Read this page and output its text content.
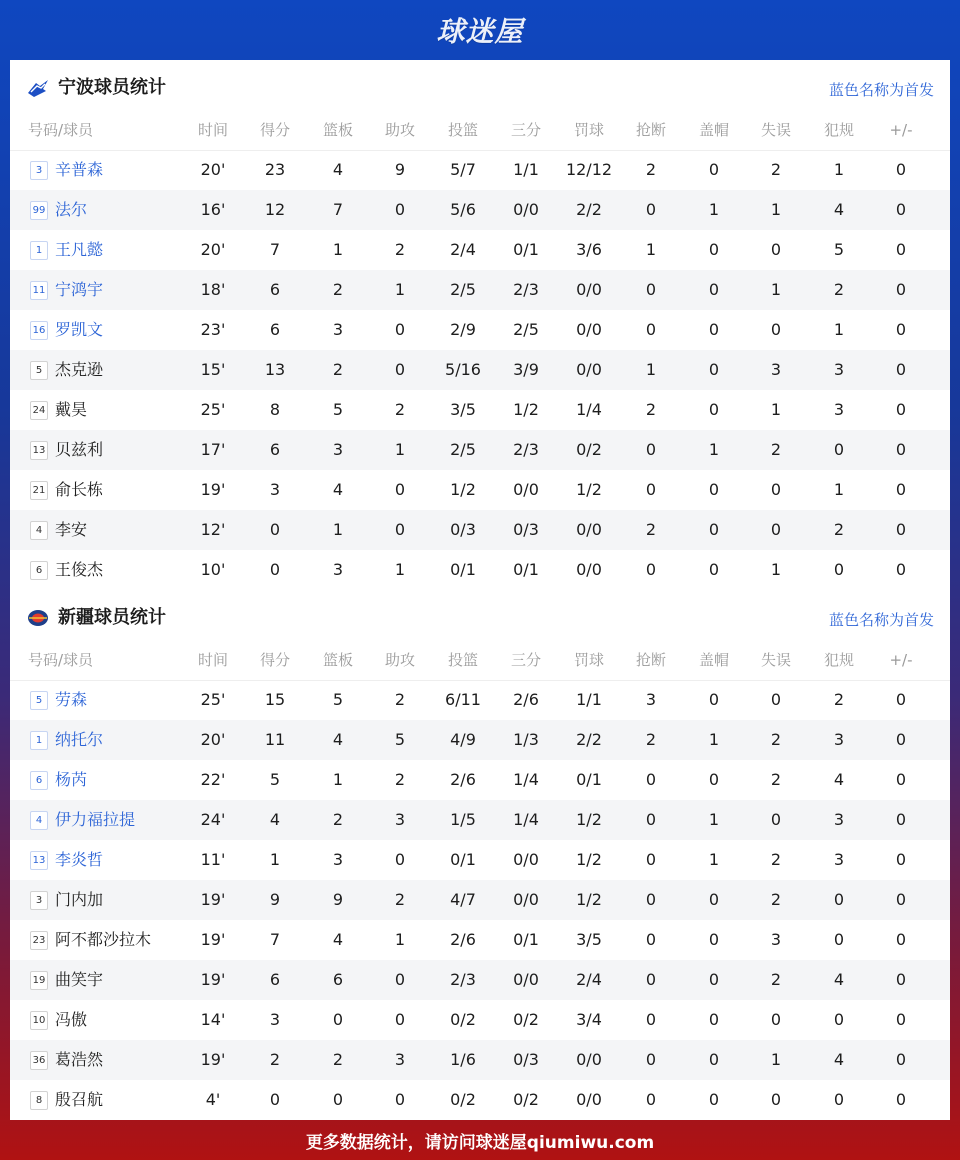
球迷屋
宁波球员统计	蓝色名称为首发
号码/球员	时间	得分	篮板	助攻	投篮	三分	罚球	抢断	盖帽	失误	犯规	+/-
3 辛普森	20'	23	4	9	5/7	1/1	12/12	2	0	2	1	0
99 法尔	16'	12	7	0	5/6	0/0	2/2	0	1	1	4	0
1 王凡懿	20'	7	1	2	2/4	0/1	3/6	1	0	0	5	0
11 宁鸿宇	18'	6	2	1	2/5	2/3	0/0	0	0	1	2	0
16 罗凯文	23'	6	3	0	2/9	2/5	0/0	0	0	0	1	0
5 杰克逊	15'	13	2	0	5/16	3/9	0/0	1	0	3	3	0
24 戴昊	25'	8	5	2	3/5	1/2	1/4	2	0	1	3	0
13 贝兹利	17'	6	3	1	2/5	2/3	0/2	0	1	2	0	0
21 俞长栋	19'	3	4	0	1/2	0/0	1/2	0	0	0	1	0
4 李安	12'	0	1	0	0/3	0/3	0/0	2	0	0	2	0
6 王俊杰	10'	0	3	1	0/1	0/1	0/0	0	0	1	0	0
新疆球员统计	蓝色名称为首发
号码/球员	时间	得分	篮板	助攻	投篮	三分	罚球	抢断	盖帽	失误	犯规	+/-
5 劳森	25'	15	5	2	6/11	2/6	1/1	3	0	0	2	0
1 纳托尔	20'	11	4	5	4/9	1/3	2/2	2	1	2	3	0
6 杨芮	22'	5	1	2	2/6	1/4	0/1	0	0	2	4	0
4 伊力福拉提	24'	4	2	3	1/5	1/4	1/2	0	1	0	3	0
13 李炎哲	11'	1	3	0	0/1	0/0	1/2	0	1	2	3	0
3 门内加	19'	9	9	2	4/7	0/0	1/2	0	0	2	0	0
23 阿不都沙拉木	19'	7	4	1	2/6	0/1	3/5	0	0	3	0	0
19 曲笑宇	19'	6	6	0	2/3	0/0	2/4	0	0	2	4	0
10 冯傲	14'	3	0	0	0/2	0/2	3/4	0	0	0	0	0
36 葛浩然	19'	2	2	3	1/6	0/3	0/0	0	0	1	4	0
8 殷召航	4'	0	0	0	0/2	0/2	0/0	0	0	0	0	0
更多数据统计，请访问球迷屋qiumiwu.com
